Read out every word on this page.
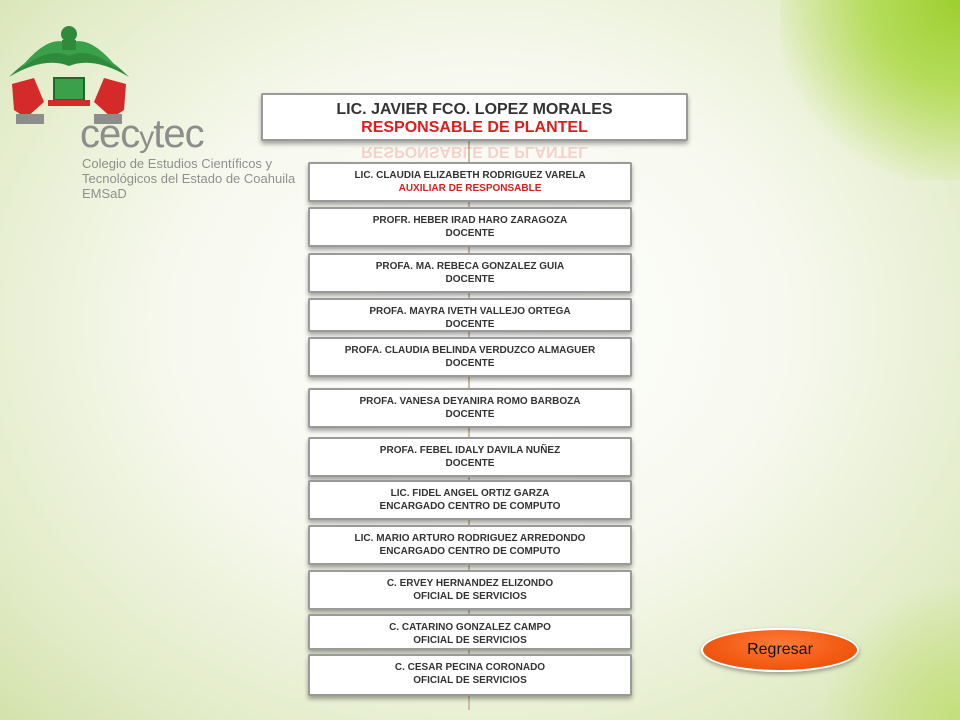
cecytec
Colegio de Estudios Científicos y
Tecnológicos del Estado de Coahuila
EMSaD
LIC. JAVIER FCO. LOPEZ MORALES
RESPONSABLE DE PLANTEL
RESPONSABLE DE PLANTEL
LIC. CLAUDIA ELIZABETH RODRIGUEZ VARELA
AUXILIAR DE RESPONSABLE
PROFR. HEBER IRAD HARO ZARAGOZA
DOCENTE
PROFA. MA. REBECA GONZALEZ GUIA
DOCENTE
PROFA. MAYRA IVETH VALLEJO ORTEGA
DOCENTE
PROFA. CLAUDIA BELINDA VERDUZCO ALMAGUER
DOCENTE
PROFA. VANESA DEYANIRA ROMO BARBOZA
DOCENTE
PROFA. FEBEL IDALY DAVILA NUÑEZ
DOCENTE
LIC. FIDEL ANGEL ORTIZ GARZA
ENCARGADO CENTRO DE COMPUTO
LIC. MARIO ARTURO RODRIGUEZ ARREDONDO
ENCARGADO CENTRO DE COMPUTO
C. ERVEY HERNANDEZ ELIZONDO
OFICIAL DE SERVICIOS
C. CATARINO GONZALEZ CAMPO
OFICIAL DE SERVICIOS
C. CESAR PECINA CORONADO
OFICIAL DE SERVICIOS
Regresar
